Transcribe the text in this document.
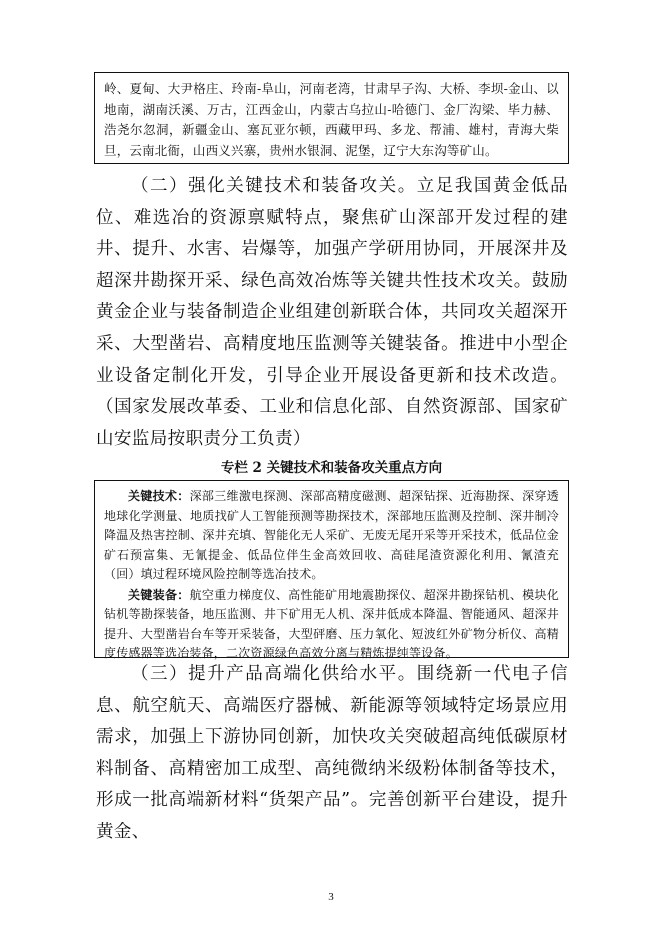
岭、夏甸、大尹格庄、玲南-阜山，河南老湾，甘肃早子沟、大桥、李坝-金山、以地南，湖南沃溪、万古，江西金山，内蒙古乌拉山-哈德门、金厂沟梁、毕力赫、浩尧尔忽洞，新疆金山、塞瓦亚尔顿，西藏甲玛、多龙、帮浦、雄村，青海大柴旦，云南北衙，山西义兴寨，贵州水银洞、泥堡，辽宁大东沟等矿山。

（二）强化关键技术和装备攻关。立足我国黄金低品位、难选冶的资源禀赋特点，聚焦矿山深部开发过程的建井、提升、水害、岩爆等，加强产学研用协同，开展深井及超深井勘探开采、绿色高效冶炼等关键共性技术攻关。鼓励黄金企业与装备制造企业组建创新联合体，共同攻关超深开采、大型凿岩、高精度地压监测等关键装备。推进中小型企业设备定制化开发，引导企业开展设备更新和技术改造。（国家发展改革委、工业和信息化部、自然资源部、国家矿山安监局按职责分工负责）

专栏 2 关键技术和装备攻关重点方向

关键技术：深部三维激电探测、深部高精度磁测、超深钻探、近海勘探、深穿透地球化学测量、地质找矿人工智能预测等勘探技术，深部地压监测及控制、深井制冷降温及热害控制、深井充填、智能化无人采矿、无废无尾开采等开采技术，低品位金矿石预富集、无氰提金、低品位伴生金高效回收、高硅尾渣资源化利用、氰渣充（回）填过程环境风险控制等选冶技术。

关键装备：航空重力梯度仪、高性能矿用地震勘探仪、超深井勘探钻机、模块化钻机等勘探装备，地压监测、井下矿用无人机、深井低成本降温、智能通风、超深井提升、大型凿岩台车等开采装备，大型砰磨、压力氧化、短波红外矿物分析仪、高精度传感器等选冶装备，二次资源绿色高效分离与精炼提纯等设备。

（三）提升产品高端化供给水平。围绕新一代电子信息、航空航天、高端医疗器械、新能源等领域特定场景应用需求，加强上下游协同创新，加快攻关突破超高纯低碳原材料制备、高精密加工成型、高纯微纳米级粉体制备等技术，形成一批高端新材料“货架产品”。完善创新平台建设，提升黄金、

3
